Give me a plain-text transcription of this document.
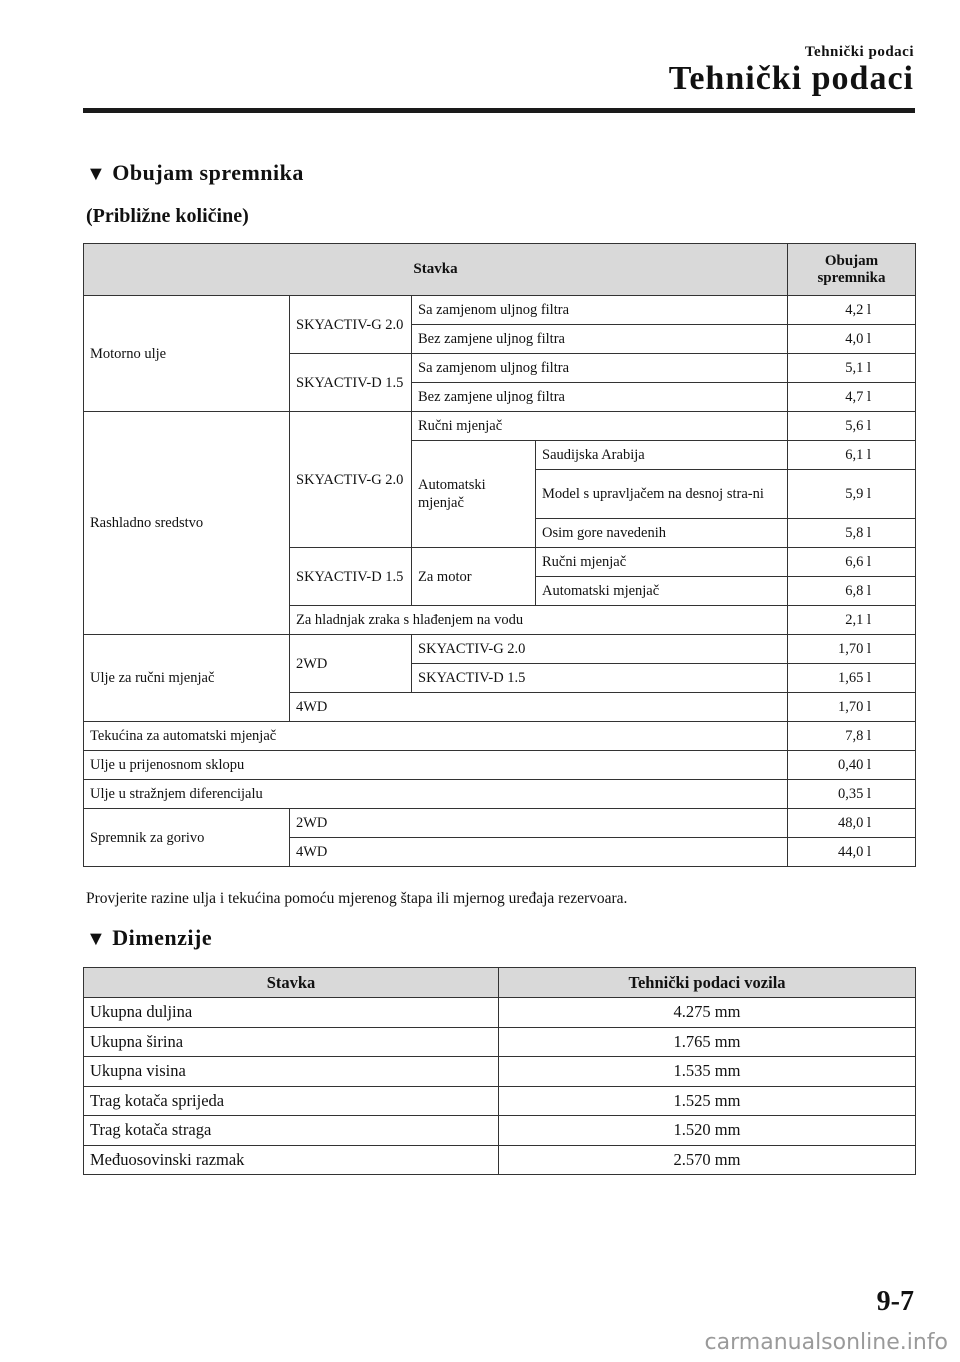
Tehnički podaci
Tehnički podaci
▼ Obujam spremnika
(Približne količine)
Stavka				Obujam spremnika
Motorno ulje	SKYACTIV-G 2.0	Sa zamjenom uljnog filtra		4,2 l
		Bez zamjene uljnog filtra		4,0 l
	SKYACTIV-D 1.5	Sa zamjenom uljnog filtra		5,1 l
		Bez zamjene uljnog filtra		4,7 l
Rashladno sredstvo	SKYACTIV-G 2.0	Ručni mjenjač		5,6 l
		Automatski mjenjač	Saudijska Arabija	6,1 l
			Model s upravljačem na desnoj stra-ni	5,9 l

			Osim gore navedenih	5,8 l
	SKYACTIV-D 1.5	Za motor	Ručni mjenjač	6,6 l
			Automatski mjenjač	6,8 l
	Za hladnjak zraka s hlađenjem na vodu			2,1 l
Ulje za ručni mjenjač	2WD	SKYACTIV-G 2.0		1,70 l
		SKYACTIV-D 1.5		1,65 l
	4WD			1,70 l
Tekućina za automatski mjenjač				7,8 l
Ulje u prijenosnom sklopu				0,40 l
Ulje u stražnjem diferencijalu				0,35 l
Spremnik za gorivo	2WD			48,0 l
	4WD			44,0 l
Provjerite razine ulja i tekućina pomoću mjerenog štapa ili mjernog uređaja rezervoara.
▼ Dimenzije
Stavka	Tehnički podaci vozila
Ukupna duljina	4.275 mm
Ukupna širina	1.765 mm
Ukupna visina	1.535 mm
Trag kotača sprijeda	1.525 mm
Trag kotača straga	1.520 mm
Međuosovinski razmak	2.570 mm
9-7
carmanualsonline.info
